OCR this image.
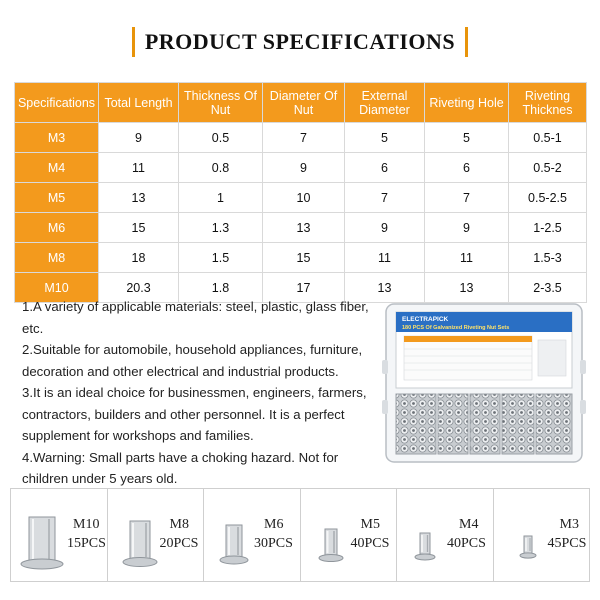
PRODUCT SPECIFICATIONS
Specifications	Total Length	Thickness Of Nut	Diameter Of Nut	External Diameter	Riveting Hole	Riveting Thicknes
M3	9	0.5	7	5	5	0.5-1
M4	11	0.8	9	6	6	0.5-2
M5	13	1	10	7	7	0.5-2.5
M6	15	1.3	13	9	9	1-2.5
M8	18	1.5	15	11	11	1.5-3
M10	20.3	1.8	17	13	13	2-3.5

1.A variety of applicable materials: steel, plastic, glass fiber, etc.

2.Suitable for automobile, household appliances, furniture, decoration and other electrical and industrial products.

3.It is an ideal choice for businessmen, engineers, farmers, contractors, builders and other personnel. It is a perfect supplement for workshops and families.

4.Warning: Small parts have a choking hazard. Not for children under 5 years old.

ELECTRAPICK
180 PCS Of Galvanized Riveting Nut Sets
M10
15PCS
M8
20PCS
M6
30PCS
M5
40PCS
M4
40PCS
M3
45PCS
